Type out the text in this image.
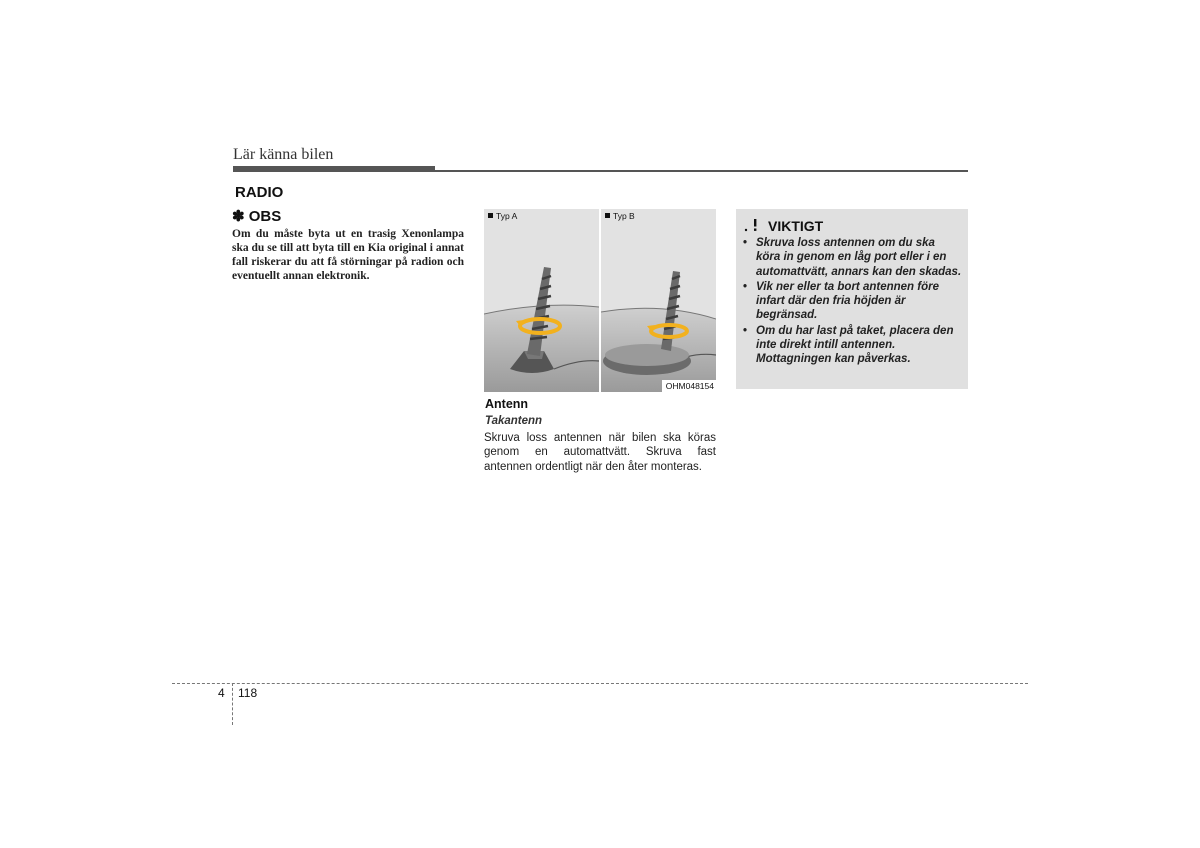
Lär känna bilen
RADIO
✽ OBS
Om du måste byta ut en trasig Xenonlampa ska du se till att byta till en Kia original i annat fall riskerar du att få störningar på radion och eventuellt annan elektronik.
Typ A	Typ B
OHM048154
Antenn
Takantenn
Skruva loss antennen när bilen ska köras genom en automattvätt. Skruva fast antennen ordentligt när den åter monteras.
VIKTIGT
• Skruva loss antennen om du ska köra in genom en låg port eller i en automattvätt, annars kan den skadas.
• Vik ner eller ta bort antennen före infart där den fria höjden är begränsad.
• Om du har last på taket, placera den inte direkt intill antennen. Mottagningen kan påverkas.
4 118
